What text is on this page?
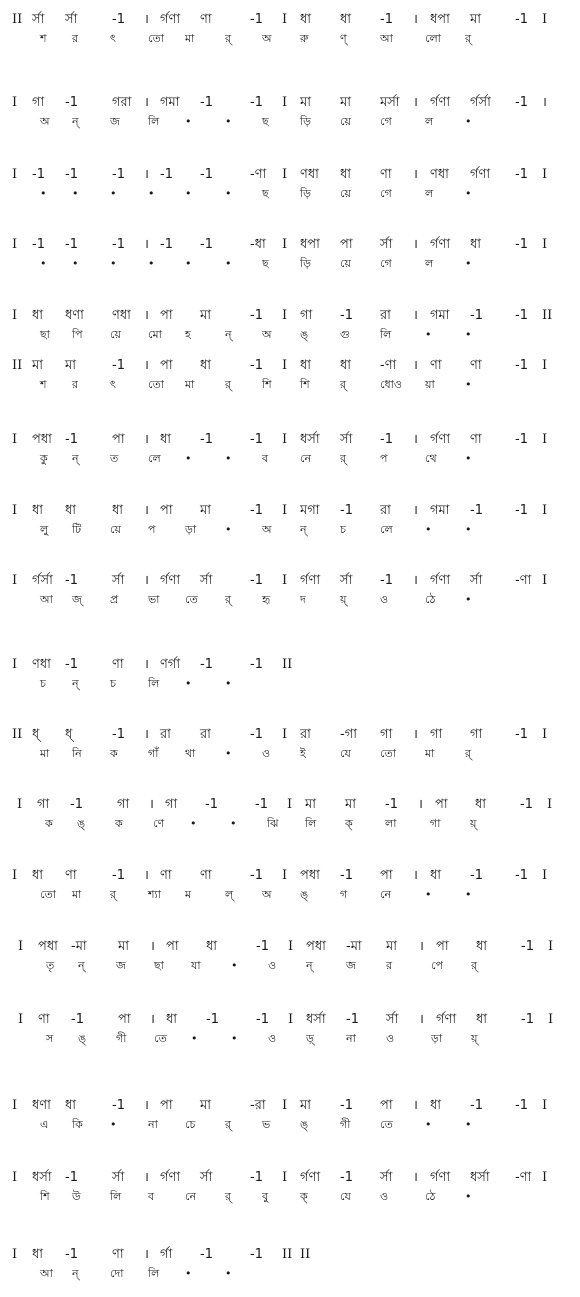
II র্সা র্সা	-1 । র্গণা ণা	-1 I ধা ধা -1 । ধপা মা	-1 I
শ র	ৎ	তো মা	র্	অ	রু	ণ্	আ	লো র্
I গা -1	গরা । গমা -1	-1 I মা মা মর্সা । র্গণা র্গর্সা -1 ।
অ ন্	জ	লি •	•	ছ	ড়ি	য়ে	গে	ল	•
I -1 -1	-1 । -1 -1	-ণা I ণধা ধা ণা । ণধা র্গণা -1 I
• •	•	•	•	•	ছ	ড়ি	য়ে	গে	ল	•
I -1 -1	-1 । -1 -1	-ধা I ধপা পা র্সা । র্গণা ধা	-1 I
• •	•	•	•	•	ছ	ড়ি	য়ে	গে	ল	•
I ধা ধণা ণধা । পা মা	-1 I গা -1 রা । গমা -1 -1 II
ছা পি য়ে মো হ	ন্	অ	ঙ্	গু	লি	•	•
II মা মা	-1 । পা ধা	-1 I ধা ধা -ণা । ণা ণা	-1 I
শ র	ৎ	তো মা	র্	শি	শি	র্	ধোও য়া	•
I পধা -1	পা । ধা -1	-1 I ধর্সা র্সা -1 । র্গণা ণা	-1 I
কু ন্	ত	লে •	•	ব	নে	র্	প	থে	•
I ধা ধা	ধা । পা মা	-1 I মগা -1 রা । গমা -1 -1 I
লু টি	য়ে প	ড়া	•	অ	ন্	চ	লে	•	•
I র্গর্সা -1	র্সা । র্গণা র্সা	-1 I র্গণা র্সা -1 । র্গণা র্সা	-ণা I
আ জ্	প্র	ভা তে র্	হৃ	দ	য়্	ও	ঠে	•
I ণধা -1	ণা । ণর্গা -1	-1 II
চ ন্	চ	লি •	•
II ধ্ ধ্	-1 । রা রা	-1 I রা -গা গা । গা গা	-1 I
মা নি	ক	গাঁ থা	•	ও	ই	যে	তো	মা	র্
I গা -1	গা । গা -1	-1 I মা মা -1 । পা ধা	-1 I
ক ঙ্	ক	ণে •	•	ঝি লি	ক্	লা	গা	য়্
I ধা ণা	-1 । ণা ণা	-1 I পধা -1 পা । ধা -1 -1 I
তো মা	র্	শ্যা ম	ল্	অ	ঙ্	গ	নে	•	•
I পধা -মা মা । পা ধা	-1 I পধা -মা মা । পা ধা	-1 I
তৃ ন্	জ	ছা যা	•	ও	ন্	জ	র	পে	র্
I ণা -1	পা । ধা -1	-1 I ধর্সা -1 র্সা । র্গণা ধা	-1 I
স ঙ্	গী	তে •	•	ও	ড়্	না	ও	ড়া	য়্
I ধণা ধা	-1 । পা মা	-রা I মা -1 পা । ধা -1 -1 I
এ কি •	না চে	র্	ভ	ঙ্	গী	তে	•	•
I ধর্সা -1	র্সা । র্গণা র্সা	-1 I র্গণা -1 র্সা । র্গণা ধর্সা -ণা I
শি উ	লি ব	নে	র্	বু	ক্	যে	ও	ঠে	•
I ধা -1	ণা । র্গা -1	-1 II II
আ ন্	দো লি •	•
